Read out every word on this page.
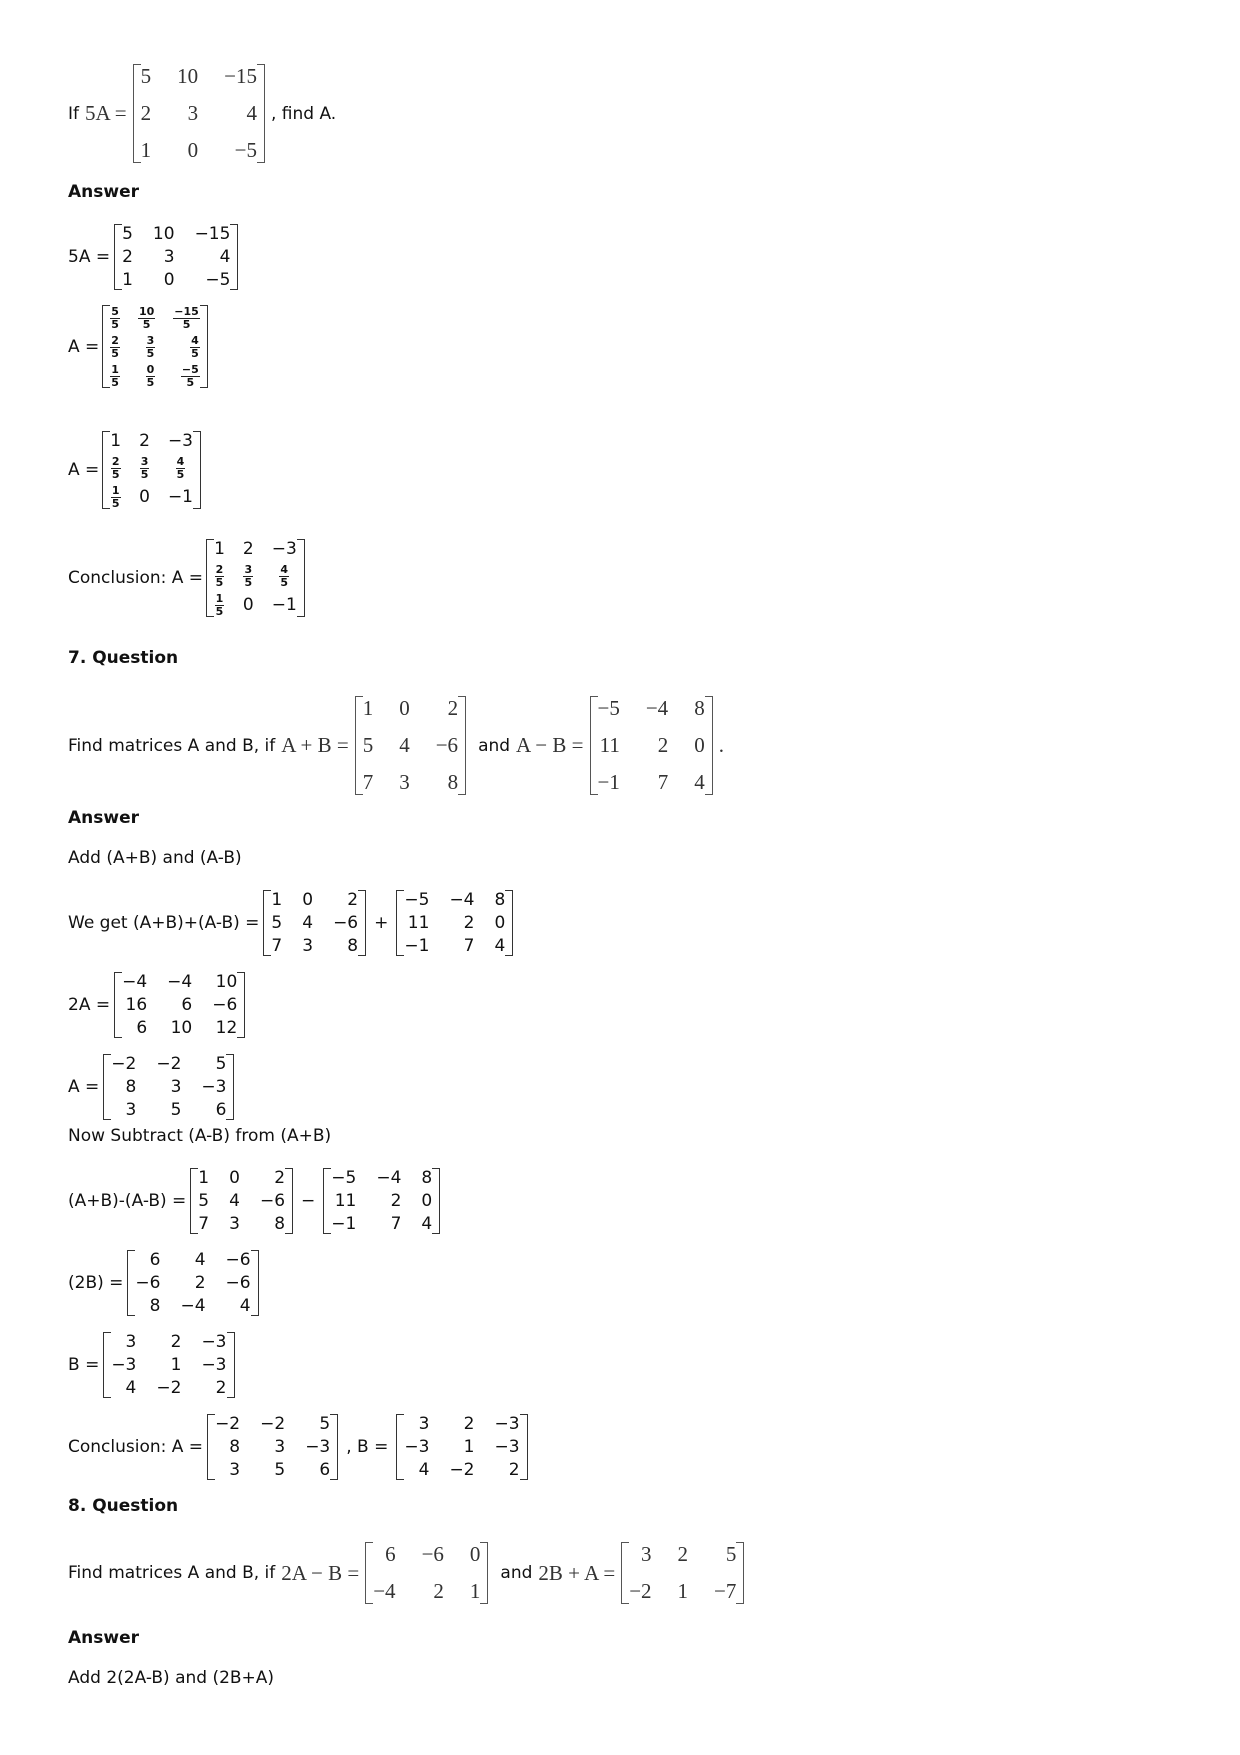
If 5A =
5 10 −15
2	3	4
1	0	−5
, find A.
Answer
5A =
5 10 −15
2	3	4
1	0	−5
A =
$\frac{5}{5} \frac{10}{5} \frac{-15}{5}$
$\frac{2}{5} \frac{3}{5}$	$\frac{4}{5}$
$\frac{1}{5} \frac{0}{5} \frac{-5}{5}$
A =
1 2 −3
$\frac{2}{5} \frac{3}{5} \frac{4}{5}$
$\frac{1}{5} 0 -1$
Conclusion: A =
1 2 −3
$\frac{2}{5} \frac{3}{5} \frac{4}{5}$
$\frac{1}{5} 0 -1$
7. Question
Find matrices A and B, if A + B =
1 0	2
5 4 −6
7 3	8
and A − B =
−5 −4 8
11	2 0
−1	7 4
.
Answer
Add (A+B) and (A-B)
We get (A+B)+(A-B) =
1 0	2
5 4 −6
7 3	8
+
−5 −4 8
11	2 0
−1	7 4
2A =
−4 −4 10
16	6 −6
6 10 12
A =
−2 −2	5
8	3 −3
3	5	6
Now Subtract (A-B) from (A+B)
(A+B)-(A-B) =
1 0	2
5 4 −6
7 3	8
−
−5 −4 8
11	2 0
−1	7 4
(2B) =
6	4 −6
−6	2 −6
8 −4	4
B =
3	2 −3
−3	1 −3
4 −2	2
Conclusion: A =
−2 −2	5
8	3 −3
3	5	6
, B =
3	2 −3
−3	1 −3
4 −2	2
8. Question
Find matrices A and B, if 2A − B =
6 −6 0
−4	2 1
and 2B + A =
3 2	5
−2 1 −7
Answer
Add 2(2A-B) and (2B+A)
